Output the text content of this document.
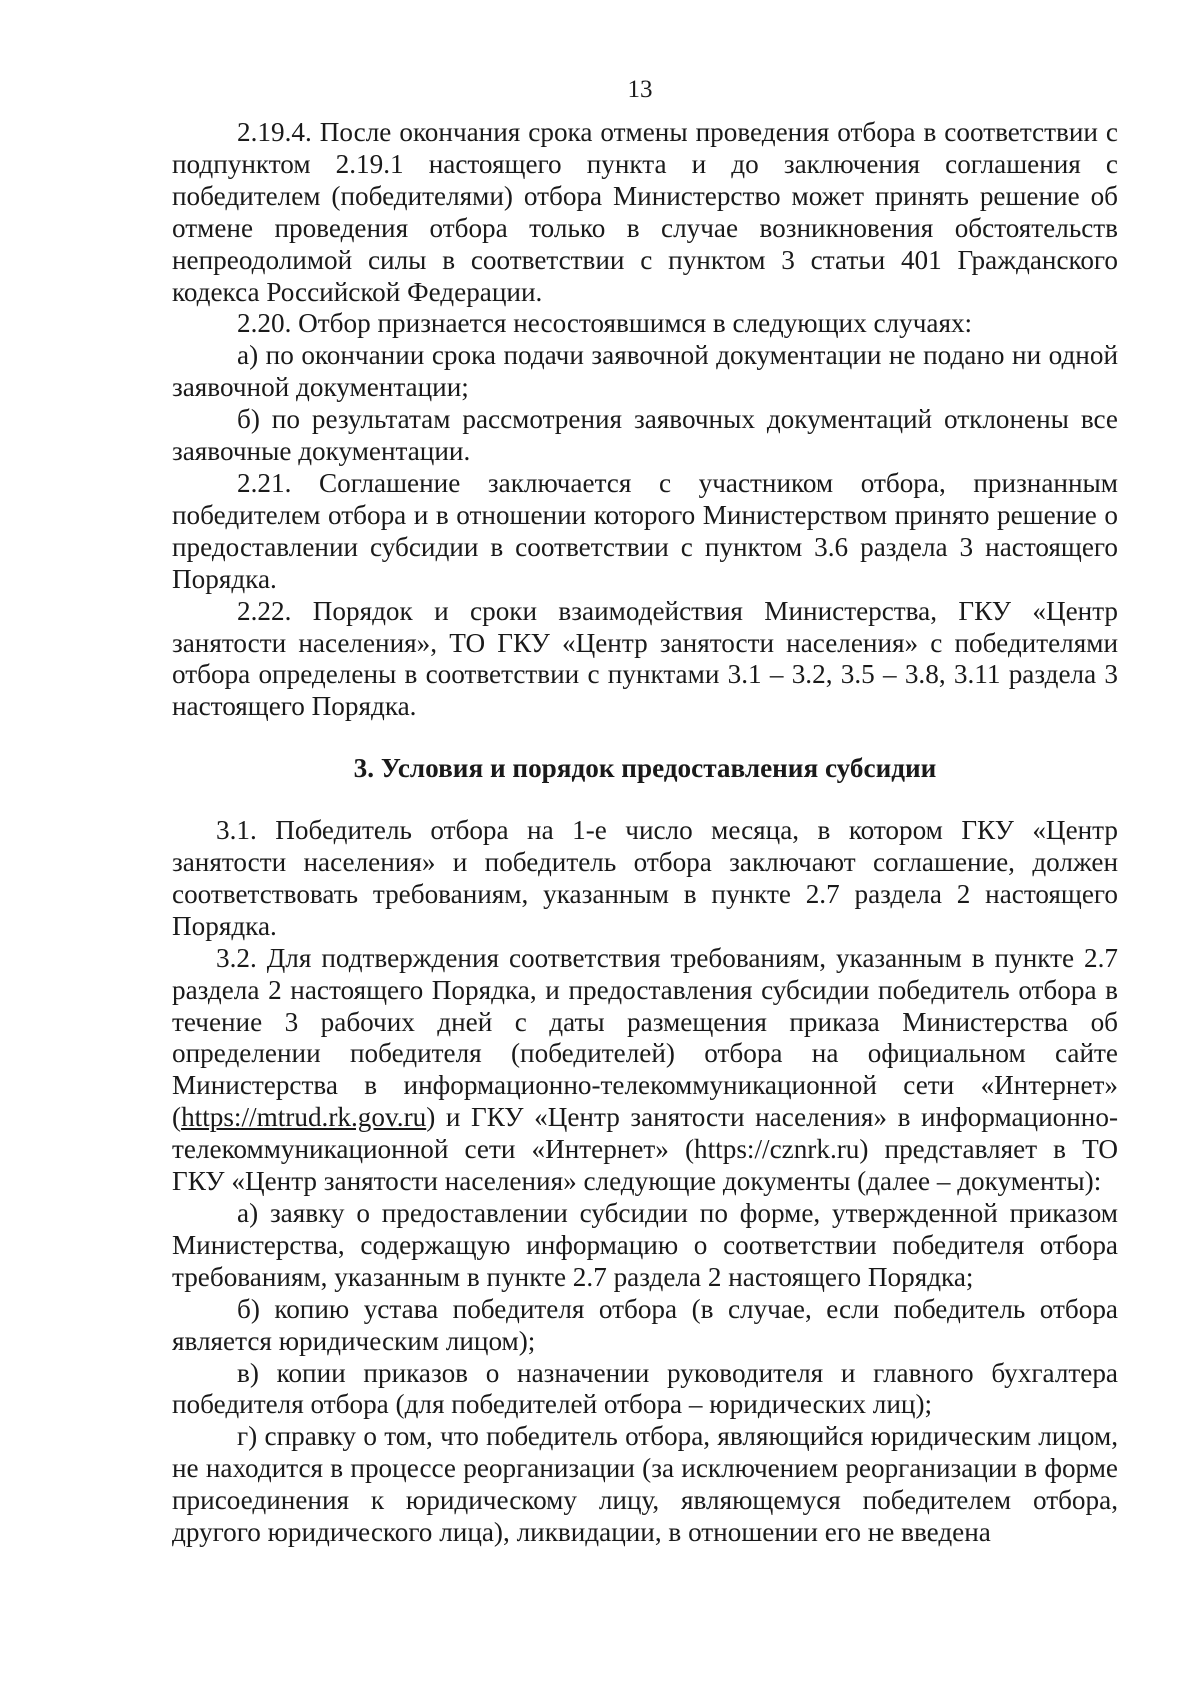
13

2.19.4. После окончания срока отмены проведения отбора в соответствии с подпунктом 2.19.1 настоящего пункта и до заключения соглашения с победителем (победителями) отбора Министерство может принять решение об отмене проведения отбора только в случае возникновения обстоятельств непреодолимой силы в соответствии с пунктом 3 статьи 401 Гражданского кодекса Российской Федерации.

2.20. Отбор признается несостоявшимся в следующих случаях:

а) по окончании срока подачи заявочной документации не подано ни одной заявочной документации;

б) по результатам рассмотрения заявочных документаций отклонены все заявочные документации.

2.21. Соглашение заключается с участником отбора, признанным победителем отбора и в отношении которого Министерством принято решение о предоставлении субсидии в соответствии с пунктом 3.6 раздела 3 настоящего Порядка.

2.22. Порядок и сроки взаимодействия Министерства, ГКУ «Центр занятости населения», ТО ГКУ «Центр занятости населения» с победителями отбора определены в соответствии с пунктами 3.1 – 3.2, 3.5 – 3.8, 3.11 раздела 3 настоящего Порядка.

3. Условия и порядок предоставления субсидии

3.1. Победитель отбора на 1-е число месяца, в котором ГКУ «Центр занятости населения» и победитель отбора заключают соглашение, должен соответствовать требованиям, указанным в пункте 2.7 раздела 2 настоящего Порядка.

3.2. Для подтверждения соответствия требованиям, указанным в пункте 2.7 раздела 2 настоящего Порядка, и предоставления субсидии победитель отбора в течение 3 рабочих дней с даты размещения приказа Министерства об определении победителя (победителей) отбора на официальном сайте Министерства в информационно-телекоммуникационной сети «Интернет» (https://mtrud.rk.gov.ru) и ГКУ «Центр занятости населения» в информационно-телекоммуникационной сети «Интернет» (https://cznrk.ru) представляет в ТО ГКУ «Центр занятости населения» следующие документы (далее – документы):

а) заявку о предоставлении субсидии по форме, утвержденной приказом Министерства, содержащую информацию о соответствии победителя отбора требованиям, указанным в пункте 2.7 раздела 2 настоящего Порядка;

б) копию устава победителя отбора (в случае, если победитель отбора является юридическим лицом);

в) копии приказов о назначении руководителя и главного бухгалтера победителя отбора (для победителей отбора – юридических лиц);

г) справку о том, что победитель отбора, являющийся юридическим лицом, не находится в процессе реорганизации (за исключением реорганизации в форме присоединения к юридическому лицу, являющемуся победителем отбора, другого юридического лица), ликвидации, в отношении его не введена
